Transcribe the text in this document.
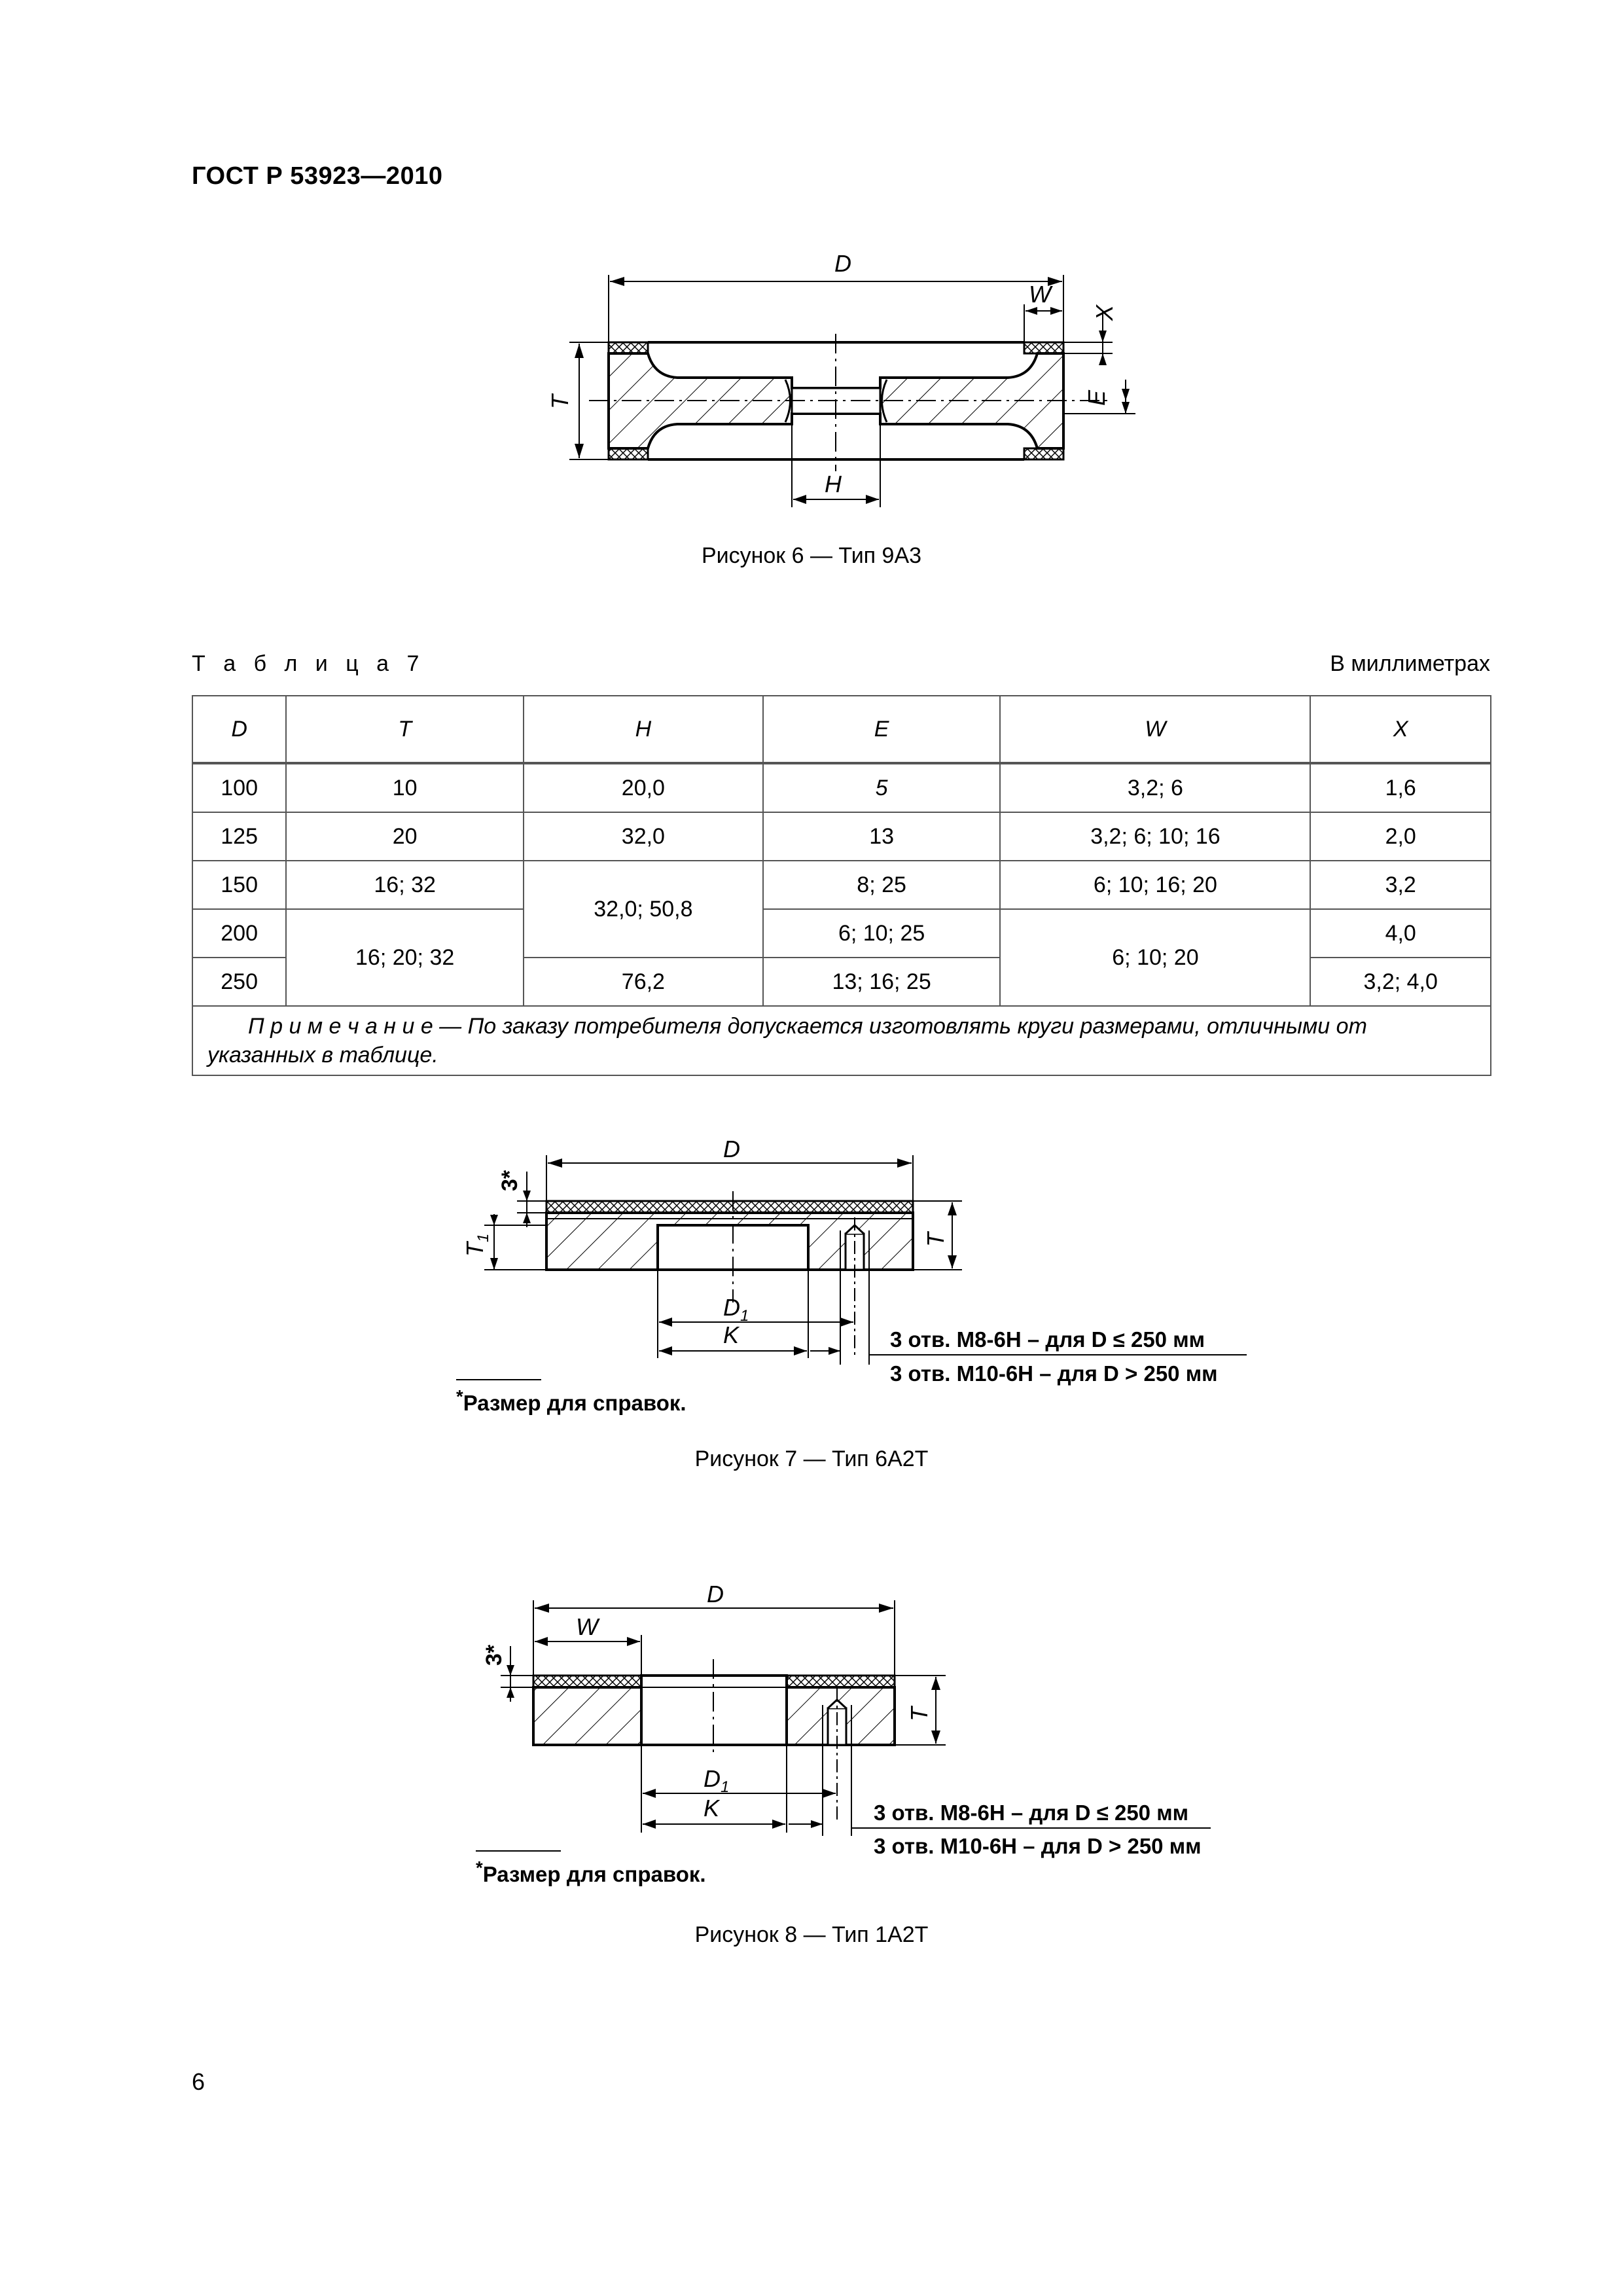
ГОСТ Р 53923—2010
D
W
X
E
T
H
Рисунок 6 — Тип 9А3
Т а б л и ц а 7	В миллиметрах
D	T	H	E	W	X
100	10	20,0	5	3,2; 6	1,6
125	20	32,0	13	3,2; 6; 10; 16	2,0
150	16; 32	32,0; 50,8	8; 25	6; 10; 16; 20	3,2
200	16; 20; 32		6; 10; 25	6; 10; 20	4,0
250		76,2	13; 16; 25		3,2; 4,0
П р и м е ч а н и е — По заказу потребителя допускается изготовлять круги размерами, отличными от указанных в таблице.					
D
3*
$T_1$	T
$D_1$
K	3 отв. М8-6Н – для D ≤ 250 мм
3 отв. М10-6Н – для D > 250 мм
*Размер для справок.
Рисунок 7 — Тип 6А2Т
D
W
3*
T
$D_1$
K	3 отв. М8-6Н – для D ≤ 250 мм
3 отв. М10-6Н – для D > 250 мм
*Размер для справок.
Рисунок 8 — Тип 1А2Т
6
